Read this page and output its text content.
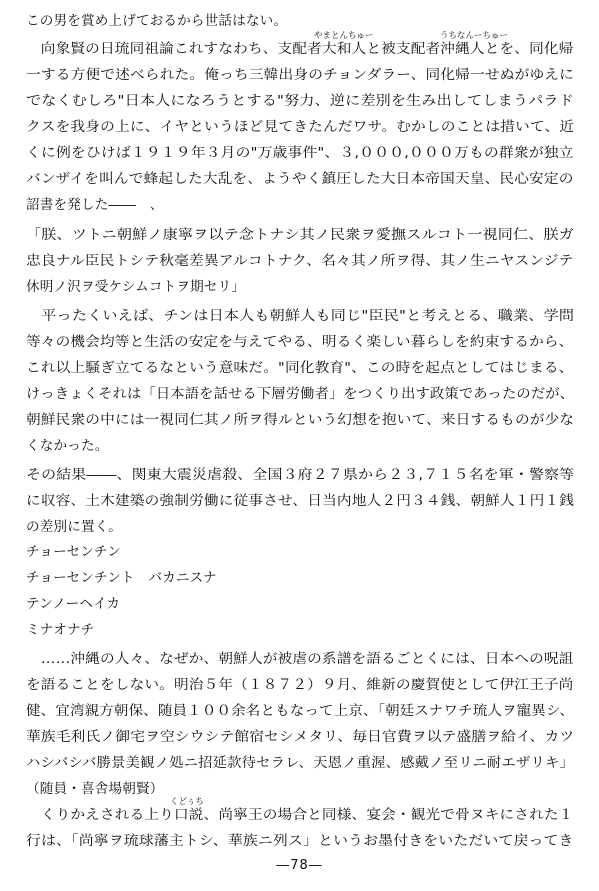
やまとんちゅー	うちなんーちゅー
くどぅち
この男を賞め上げておるから世話はない。
　向象賢の日琉同祖論これすなわち、支配者大和人と被支配者沖縄人とを、同化帰
一する方便で述べられた。俺っち三韓出身のチョンダラー、同化帰一せぬがゆえに
でなくむしろ"日本人になろうとする"努力、逆に差別を生み出してしまうパラド
クスを我身の上に、イヤというほど見てきたんだワサ。むかしのことは措いて、近
くに例をひけば１９１９年３月の"万歳事件"、３,０００,０００万もの群衆が独立
バンザイを叫んで蜂起した大乱を、ようやく鎮圧した大日本帝国天皇、民心安定の
詔書を発した――　、
「朕、ツトニ朝鮮ノ康寧ヲ以テ念トナシ其ノ民衆ヲ愛撫スルコト一視同仁、朕ガ
忠良ナル臣民トシテ秋毫差異アルコトナク、名々其ノ所ヲ得、其ノ生ニヤスンジテ
休明ノ沢ヲ受ケシムコトヲ期セリ」
　平ったくいえば、チンは日本人も朝鮮人も同じ"臣民"と考えとる、職業、学問
等々の機会均等と生活の安定を与えてやる、明るく楽しい暮らしを約束するから、
これ以上騒ぎ立てるなという意味だ。"同化教育"、この時を起点としてはじまる、
けっきょくそれは「日本語を話せる下層労働者」をつくり出す政策であったのだが、
朝鮮民衆の中には一視同仁其ノ所ヲ得ルという幻想を抱いて、来日するものが少な
くなかった。
その結果――、関東大震災虐殺、全国３府２７県から２３,７１５名を軍・警察等
に収容、土木建築の強制労働に従事させ、日当内地人２円３４銭、朝鮮人１円１銭
の差別に置く。
チョーセンチン
チョーセンチント　バカニスナ
テンノーヘイカ
ミナオナチ
　……沖縄の人々、なぜか、朝鮮人が被虐の系譜を語るごとくには、日本への呪詛
を語ることをしない。明治５年（１８７２）９月、維新の慶賀使として伊江王子尚
健、宜湾親方朝保、随員１００余名ともなって上京、「朝廷スナワチ琉人ヲ寵異シ、
華族毛利氏ノ御宅ヲ空シウシテ館宿セシメタリ、毎日官費ヲ以テ盛膳ヲ給イ、カツ
ハシバシバ勝景美観ノ処ニ招延款待セラレ、天恩ノ重渥、感戴ノ至リニ耐エザリキ」
（随員・喜舎場朝賢）
　くりかえされる上り口説、尚寧王の場合と同様、宴会・観光で骨ヌキにされた１
行は、「尚寧ヲ琉球藩主トシ、華族ニ列ス」というお墨付きをいただいて戻ってき
―78―
